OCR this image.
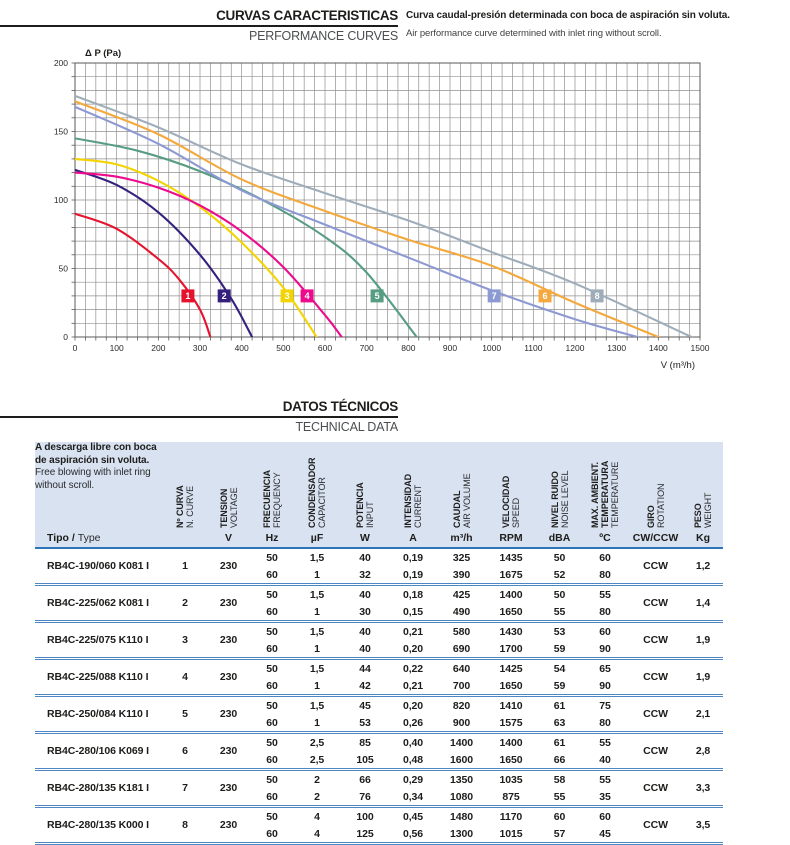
CURVAS CARACTERISTICAS
PERFORMANCE CURVES
Curva caudal-presión determinada con boca de aspiración sin voluta.
Air performance curve determined with inlet ring without scroll.
0	100	200	300	400	500	600	700	800	900	1000	1100	1200	1300	1400	1500
0
50
100
150
200
Δ P (Pa)
V (m³/h)
1	2	3 4	5	6
7	8
DATOS TÉCNICOS
TECHNICAL DATA
A descarga libre con boca de aspiración sin voluta.
Free blowing with inlet ring without scroll.

Nº CURVA N. CURVE	TENSION VOLTAGE	FRECUENCIA FREQUENCY	CONDENSADOR CAPACITOR	POTENCIA INPUT	INTENSIDAD CURRENT	CAUDAL AIR VOLUME	VELOCIDAD SPEED	NIVEL RUIDO NOISE LEVEL	MAX. AMBIENT. TEMPERATURA TEMPERATURE	GIRO ROTATION	PESO WEIGHT

Tipo / Type		V	Hz	µF	W	A	m³/h	RPM	dBA	ºC	CW/CCW	Kg
RB4C-190/060 K081 I	1	230	50	1,5	40	0,19	325	1435	50	60	CCW	1,2
			60	1	32	0,19	390	1675	52	80		
RB4C-225/062 K081 I	2	230	50	1,5	40	0,18	425	1400	50	55	CCW	1,4
			60	1	30	0,15	490	1650	55	80		
RB4C-225/075 K110 I	3	230	50	1,5	40	0,21	580	1430	53	60	CCW	1,9
			60	1	40	0,20	690	1700	59	90		
RB4C-225/088 K110 I	4	230	50	1,5	44	0,22	640	1425	54	65	CCW	1,9
			60	1	42	0,21	700	1650	59	90		
RB4C-250/084 K110 I	5	230	50	1,5	45	0,20	820	1410	61	75	CCW	2,1
			60	1	53	0,26	900	1575	63	80		
RB4C-280/106 K069 I	6	230	50	2,5	85	0,40	1400	1400	61	55	CCW	2,8
			60	2,5	105	0,48	1600	1650	66	40		
RB4C-280/135 K181 I	7	230	50	2	66	0,29	1350	1035	58	55	CCW	3,3
			60	2	76	0,34	1080	875	55	35		
RB4C-280/135 K000 I	8	230	50	4	100	0,45	1480	1170	60	60	CCW	3,5
			60	4	125	0,56	1300	1015	57	45		
